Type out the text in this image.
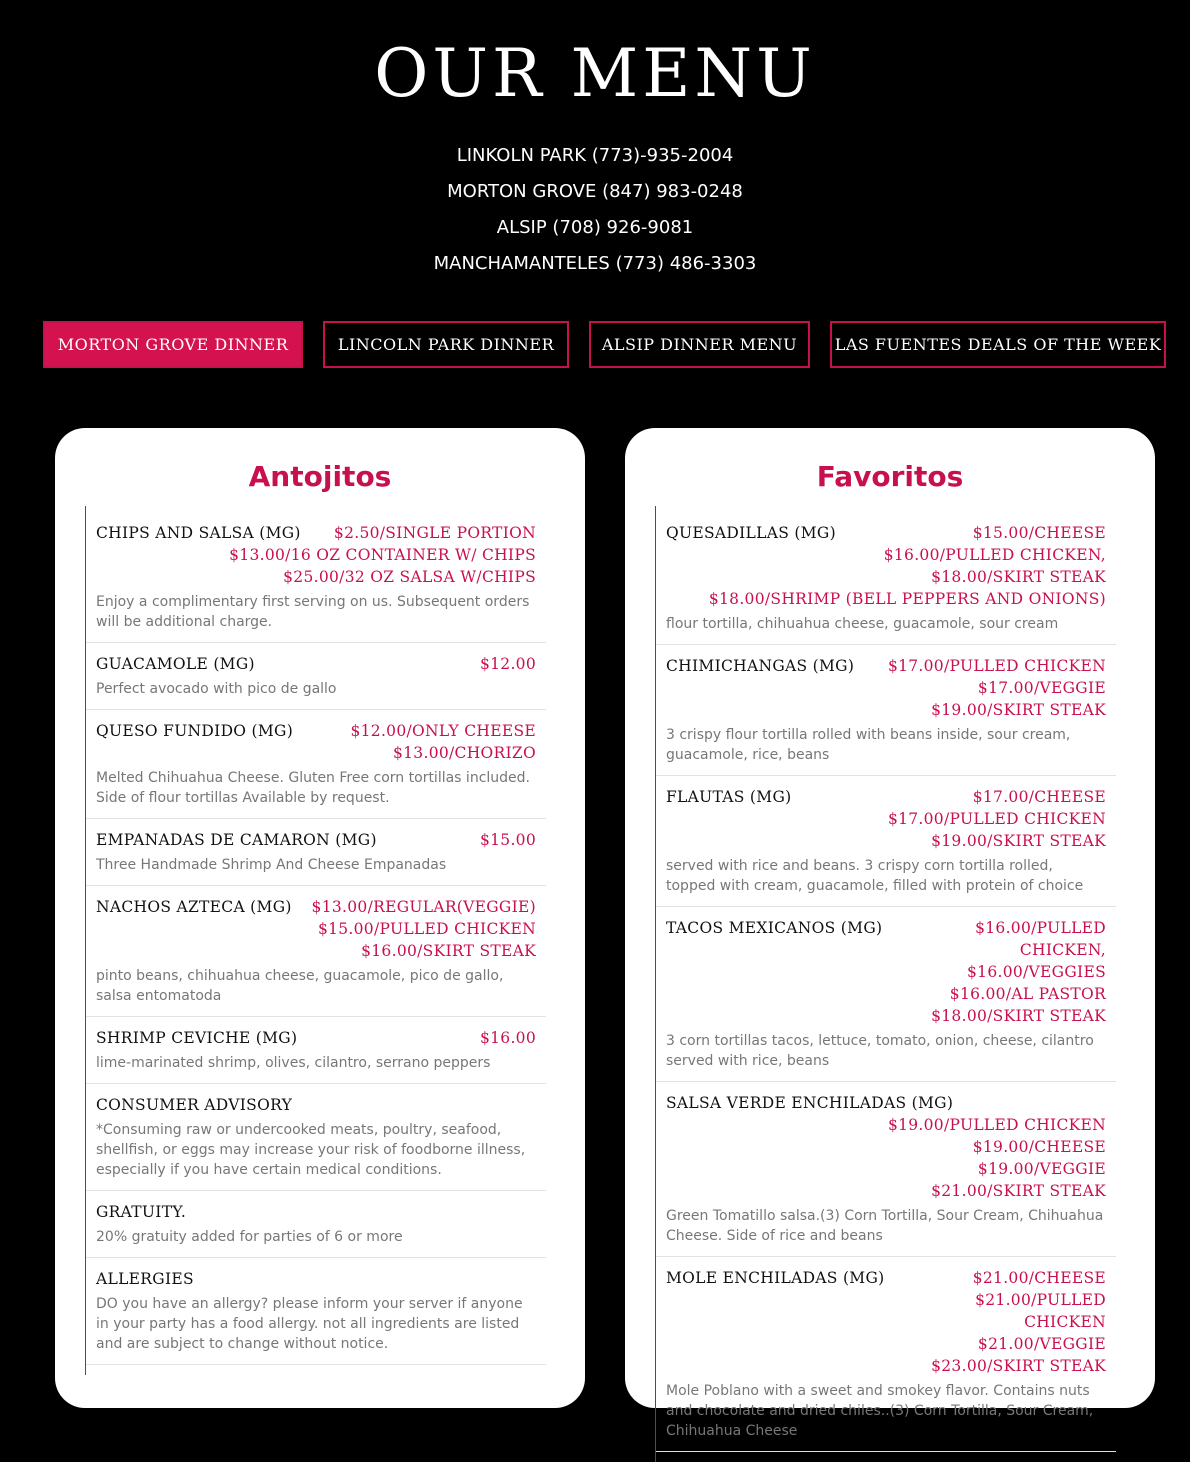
OUR MENU
LINKOLN PARK (773)-935-2004
MORTON GROVE (847) 983-0248
ALSIP (708) 926-9081
MANCHAMANTELES (773) 486-3303
MORTON GROVE DINNER	LINCOLN PARK DINNER	ALSIP DINNER MENU	LAS FUENTES DEALS OF THE WEEK
Antojitos
CHIPS AND SALSA (MG)	$2.50/SINGLE PORTION
$13.00/16 OZ CONTAINER W/ CHIPS
$25.00/32 OZ SALSA W/CHIPS
Enjoy a complimentary first serving on us. Subsequent orders will be additional charge.
GUACAMOLE (MG)	$12.00
Perfect avocado with pico de gallo
QUESO FUNDIDO (MG)	$12.00/ONLY CHEESE
$13.00/CHORIZO
Melted Chihuahua Cheese. Gluten Free corn tortillas included. Side of flour tortillas Available by request.
EMPANADAS DE CAMARON (MG)	$15.00
Three Handmade Shrimp And Cheese Empanadas
NACHOS AZTECA (MG)	$13.00/REGULAR(VEGGIE)
$15.00/PULLED CHICKEN
$16.00/SKIRT STEAK
pinto beans, chihuahua cheese, guacamole, pico de gallo, salsa entomatoda
SHRIMP CEVICHE (MG)	$16.00
lime-marinated shrimp, olives, cilantro, serrano peppers
CONSUMER ADVISORY
*Consuming raw or undercooked meats, poultry, seafood, shellfish, or eggs may increase your risk of foodborne illness, especially if you have certain medical conditions.
GRATUITY.
20% gratuity added for parties of 6 or more
ALLERGIES
DO you have an allergy? please inform your server if anyone in your party has a food allergy. not all ingredients are listed and are subject to change without notice.
Favoritos
QUESADILLAS (MG)	$15.00/CHEESE
$16.00/PULLED CHICKEN,
$18.00/SKIRT STEAK
$18.00/SHRIMP (BELL PEPPERS AND ONIONS)
flour tortilla, chihuahua cheese, guacamole, sour cream
CHIMICHANGAS (MG)	$17.00/PULLED CHICKEN
$17.00/VEGGIE
$19.00/SKIRT STEAK
3 crispy flour tortilla rolled with beans inside, sour cream, guacamole, rice, beans
FLAUTAS (MG)	$17.00/CHEESE
$17.00/PULLED CHICKEN
$19.00/SKIRT STEAK
served with rice and beans. 3 crispy corn tortilla rolled, topped with cream, guacamole, filled with protein of choice
TACOS MEXICANOS (MG)	$16.00/PULLED CHICKEN,
$16.00/VEGGIES
$16.00/AL PASTOR
$18.00/SKIRT STEAK
3 corn tortillas tacos, lettuce, tomato, onion, cheese, cilantro served with rice, beans
SALSA VERDE ENCHILADAS (MG)
$19.00/PULLED CHICKEN
$19.00/CHEESE
$19.00/VEGGIE
$21.00/SKIRT STEAK
Green Tomatillo salsa.(3) Corn Tortilla, Sour Cream, Chihuahua Cheese. Side of rice and beans
MOLE ENCHILADAS (MG)	$21.00/CHEESE
$21.00/PULLED CHICKEN
$21.00/VEGGIE
$23.00/SKIRT STEAK
Mole Poblano with a sweet and smokey flavor. Contains nuts and chocolate and dried chiles..(3) Corn Tortilla, Sour Cream, Chihuahua Cheese
